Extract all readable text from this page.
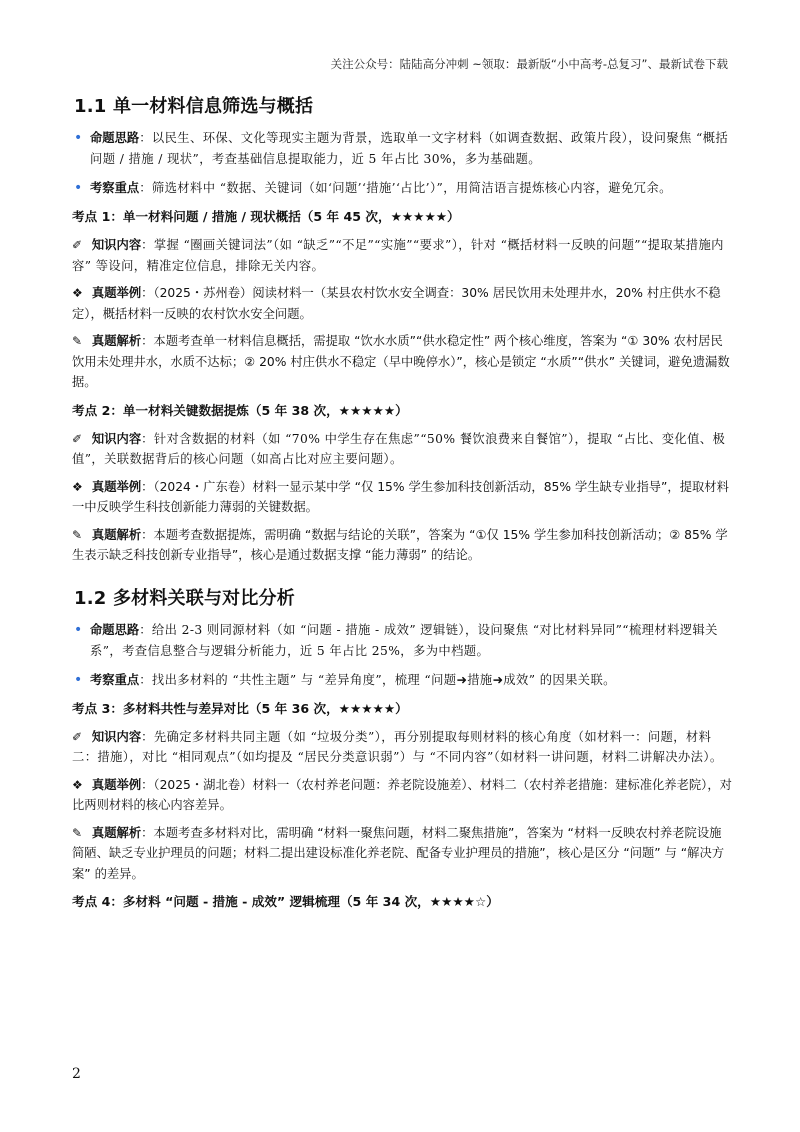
关注公众号：陆陆高分冲刺 ~领取：最新版“小中高考-总复习”、最新试卷下载
1.1 单一材料信息筛选与概括
• 命题思路：以民生、环保、文化等现实主题为背景，选取单一文字材料（如调查数据、政策片段），设问聚焦 “概括问题 / 措施 / 现状”，考查基础信息提取能力，近 5 年占比 30%，多为基础题。
• 考察重点：筛选材料中 “数据、关键词（如‘问题’‘措施’‘占比’）”，用简洁语言提炼核心内容，避免冗余。
考点 1：单一材料问题 / 措施 / 现状概括（5 年 45 次，★★★★★）
✐ 知识内容：掌握 “圈画关键词法”（如 “缺乏”“不足”“实施”“要求”），针对 “概括材料一反映的问题”“提取某措施内容” 等设问，精准定位信息，排除无关内容。
❖ 真题举例：（2025・苏州卷）阅读材料一（某县农村饮水安全调查：30% 居民饮用未处理井水，20% 村庄供水不稳定），概括材料一反映的农村饮水安全问题。
✎ 真题解析：本题考查单一材料信息概括，需提取 “饮水水质”“供水稳定性” 两个核心维度，答案为 “① 30% 农村居民饮用未处理井水，水质不达标；② 20% 村庄供水不稳定（早中晚停水）”，核心是锁定 “水质”“供水” 关键词，避免遗漏数据。
考点 2：单一材料关键数据提炼（5 年 38 次，★★★★★）
✐ 知识内容：针对含数据的材料（如 “70% 中学生存在焦虑”“50% 餐饮浪费来自餐馆”），提取 “占比、变化值、极值”，关联数据背后的核心问题（如高占比对应主要问题）。
❖ 真题举例：（2024・广东卷）材料一显示某中学 “仅 15% 学生参加科技创新活动，85% 学生缺专业指导”，提取材料一中反映学生科技创新能力薄弱的关键数据。
✎ 真题解析：本题考查数据提炼，需明确 “数据与结论的关联”，答案为 “①仅 15% 学生参加科技创新活动；② 85% 学生表示缺乏科技创新专业指导”，核心是通过数据支撑 “能力薄弱” 的结论。
1.2 多材料关联与对比分析
• 命题思路：给出 2-3 则同源材料（如 “问题 - 措施 - 成效” 逻辑链），设问聚焦 “对比材料异同”“梳理材料逻辑关系”，考查信息整合与逻辑分析能力，近 5 年占比 25%，多为中档题。
• 考察重点：找出多材料的 “共性主题” 与 “差异角度”，梳理 “问题➜措施➜成效” 的因果关联。
考点 3：多材料共性与差异对比（5 年 36 次，★★★★★）
✐ 知识内容：先确定多材料共同主题（如 “垃圾分类”），再分别提取每则材料的核心角度（如材料一：问题，材料二：措施），对比 “相同观点”（如均提及 “居民分类意识弱”）与 “不同内容”（如材料一讲问题，材料二讲解决办法）。
❖ 真题举例：（2025・湖北卷）材料一（农村养老问题：养老院设施差）、材料二（农村养老措施：建标准化养老院），对比两则材料的核心内容差异。
✎ 真题解析：本题考查多材料对比，需明确 “材料一聚焦问题，材料二聚焦措施”，答案为 “材料一反映农村养老院设施简陋、缺乏专业护理员的问题；材料二提出建设标准化养老院、配备专业护理员的措施”，核心是区分 “问题” 与 “解决方案” 的差异。
考点 4：多材料 “问题 - 措施 - 成效” 逻辑梳理（5 年 34 次，★★★★☆）
2
